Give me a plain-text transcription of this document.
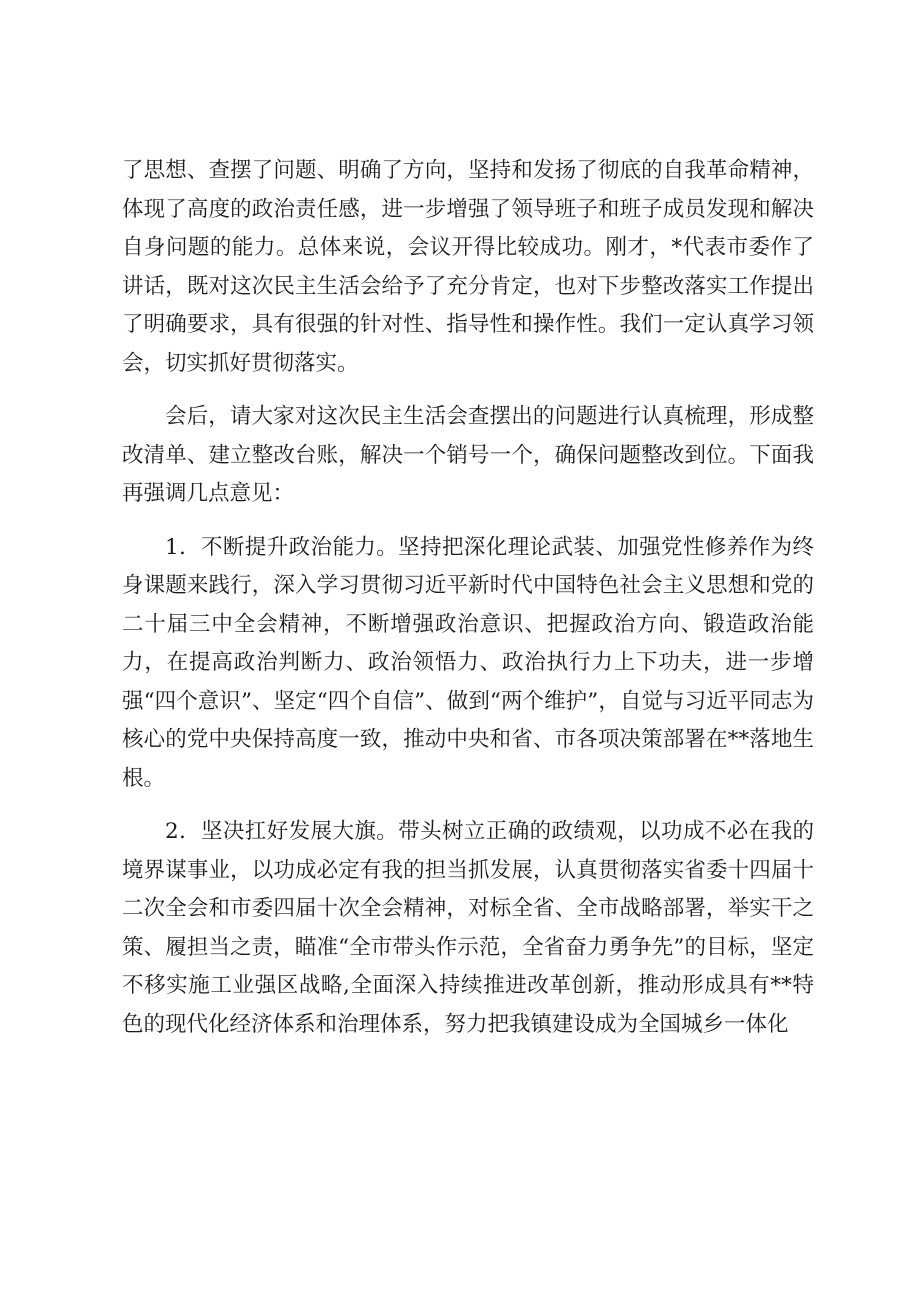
了思想、查摆了问题、明确了方向，坚持和发扬了彻底的自我革命精神，体现了高度的政治责任感，进一步增强了领导班子和班子成员发现和解决自身问题的能力。总体来说，会议开得比较成功。刚才，*代表市委作了讲话，既对这次民主生活会给予了充分肯定，也对下步整改落实工作提出了明确要求，具有很强的针对性、指导性和操作性。我们一定认真学习领会，切实抓好贯彻落实。

会后，请大家对这次民主生活会查摆出的问题进行认真梳理，形成整改清单、建立整改台账，解决一个销号一个，确保问题整改到位。下面我再强调几点意见：

1．不断提升政治能力。坚持把深化理论武装、加强党性修养作为终身课题来践行，深入学习贯彻习近平新时代中国特色社会主义思想和党的二十届三中全会精神，不断增强政治意识、把握政治方向、锻造政治能力，在提高政治判断力、政治领悟力、政治执行力上下功夫，进一步增强“四个意识”、坚定“四个自信”、做到“两个维护”，自觉与习近平同志为核心的党中央保持高度一致，推动中央和省、市各项决策部署在**落地生根。

2．坚决扛好发展大旗。带头树立正确的政绩观，以功成不必在我的境界谋事业，以功成必定有我的担当抓发展，认真贯彻落实省委十四届十二次全会和市委四届十次全会精神，对标全省、全市战略部署，举实干之策、履担当之责，瞄准“全市带头作示范，全省奋力勇争先”的目标，坚定不移实施工业强区战略,全面深入持续推进改革创新，推动形成具有**特色的现代化经济体系和治理体系，努力把我镇建设成为全国城乡一体化
